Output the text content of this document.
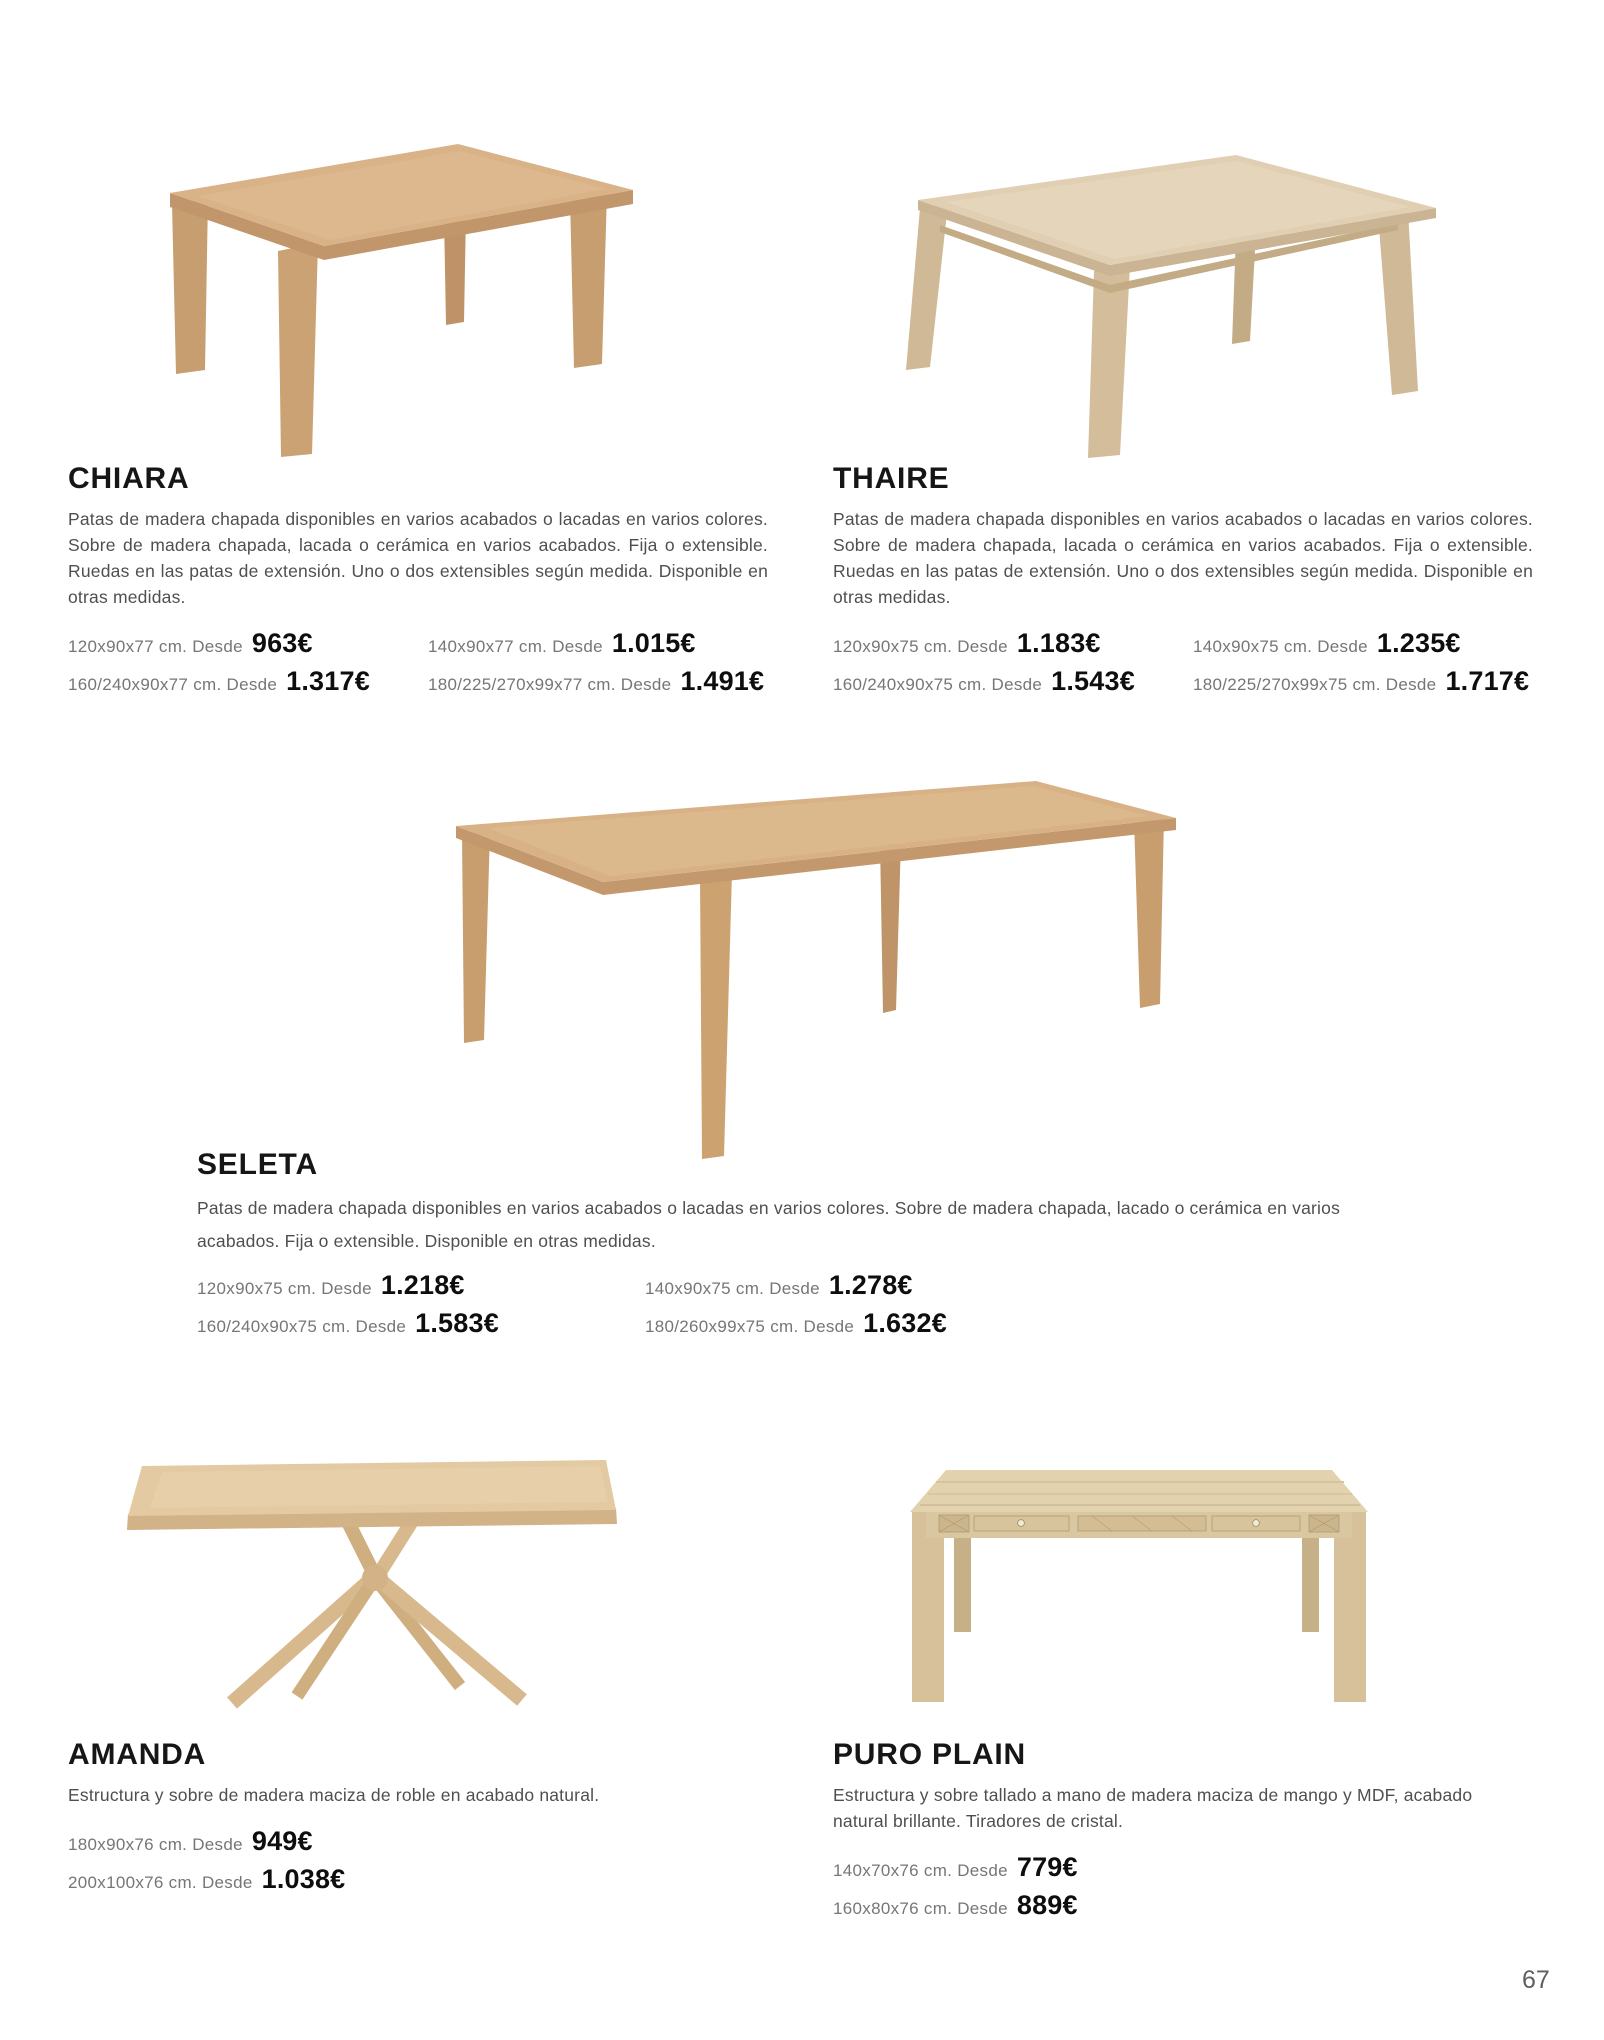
CHIARA

Patas de madera chapada disponibles en varios acabados o lacadas en varios colores. Sobre de madera chapada, lacada o cerámica en varios acabados. Fija o extensible. Ruedas en las patas de extensión. Uno o dos extensibles según medida. Disponible en otras medidas.

120x90x77 cm. Desde 963€	140x90x77 cm. Desde 1.015€
160/240x90x77 cm. Desde 1.317€	180/225/270x99x77 cm. Desde 1.491€
THAIRE

Patas de madera chapada disponibles en varios acabados o lacadas en varios colores. Sobre de madera chapada, lacada o cerámica en varios acabados. Fija o extensible. Ruedas en las patas de extensión. Uno o dos extensibles según medida. Disponible en otras medidas.

120x90x75 cm. Desde 1.183€	140x90x75 cm. Desde 1.235€
160/240x90x75 cm. Desde 1.543€	180/225/270x99x75 cm. Desde 1.717€
SELETA

Patas de madera chapada disponibles en varios acabados o lacadas en varios colores. Sobre de madera chapada, lacado o cerámica en varios acabados. Fija o extensible. Disponible en otras medidas.

120x90x75 cm. Desde 1.218€	140x90x75 cm. Desde 1.278€
160/240x90x75 cm. Desde 1.583€	180/260x99x75 cm. Desde 1.632€
AMANDA

Estructura y sobre de madera maciza de roble en acabado natural.

180x90x76 cm. Desde 949€
200x100x76 cm. Desde 1.038€
PURO PLAIN

Estructura y sobre tallado a mano de madera maciza de mango y MDF, acabado natural brillante. Tiradores de cristal.

140x70x76 cm. Desde 779€
160x80x76 cm. Desde 889€
67
